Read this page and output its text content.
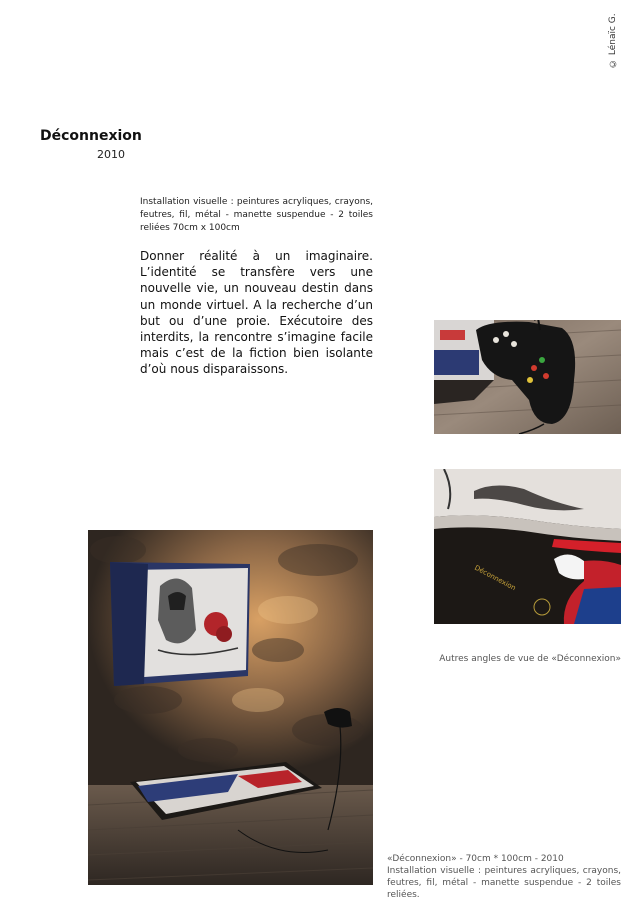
© Lénaïc G.
Déconnexion
2010
Installation visuelle : peintures acryliques, crayons, feutres, fil, métal - manette suspendue - 2 toiles reliées 70cm x 100cm
Donner réalité à un imaginaire. L’identité se transfère vers une nouvelle vie, un nouveau destin dans un monde virtuel. A la recherche d’un but ou d’une proie. Exécutoire des interdits, la rencontre s’imagine facile mais c’est de la fiction bien isolante d’où nous disparaissons.
Déconnexion
Autres angles de vue de «Déconnexion»
«Déconnexion» - 70cm * 100cm - 2010
Installation visuelle : peintures acryliques, crayons, feutres, fil, métal - manette suspendue - 2 toiles reliées.
